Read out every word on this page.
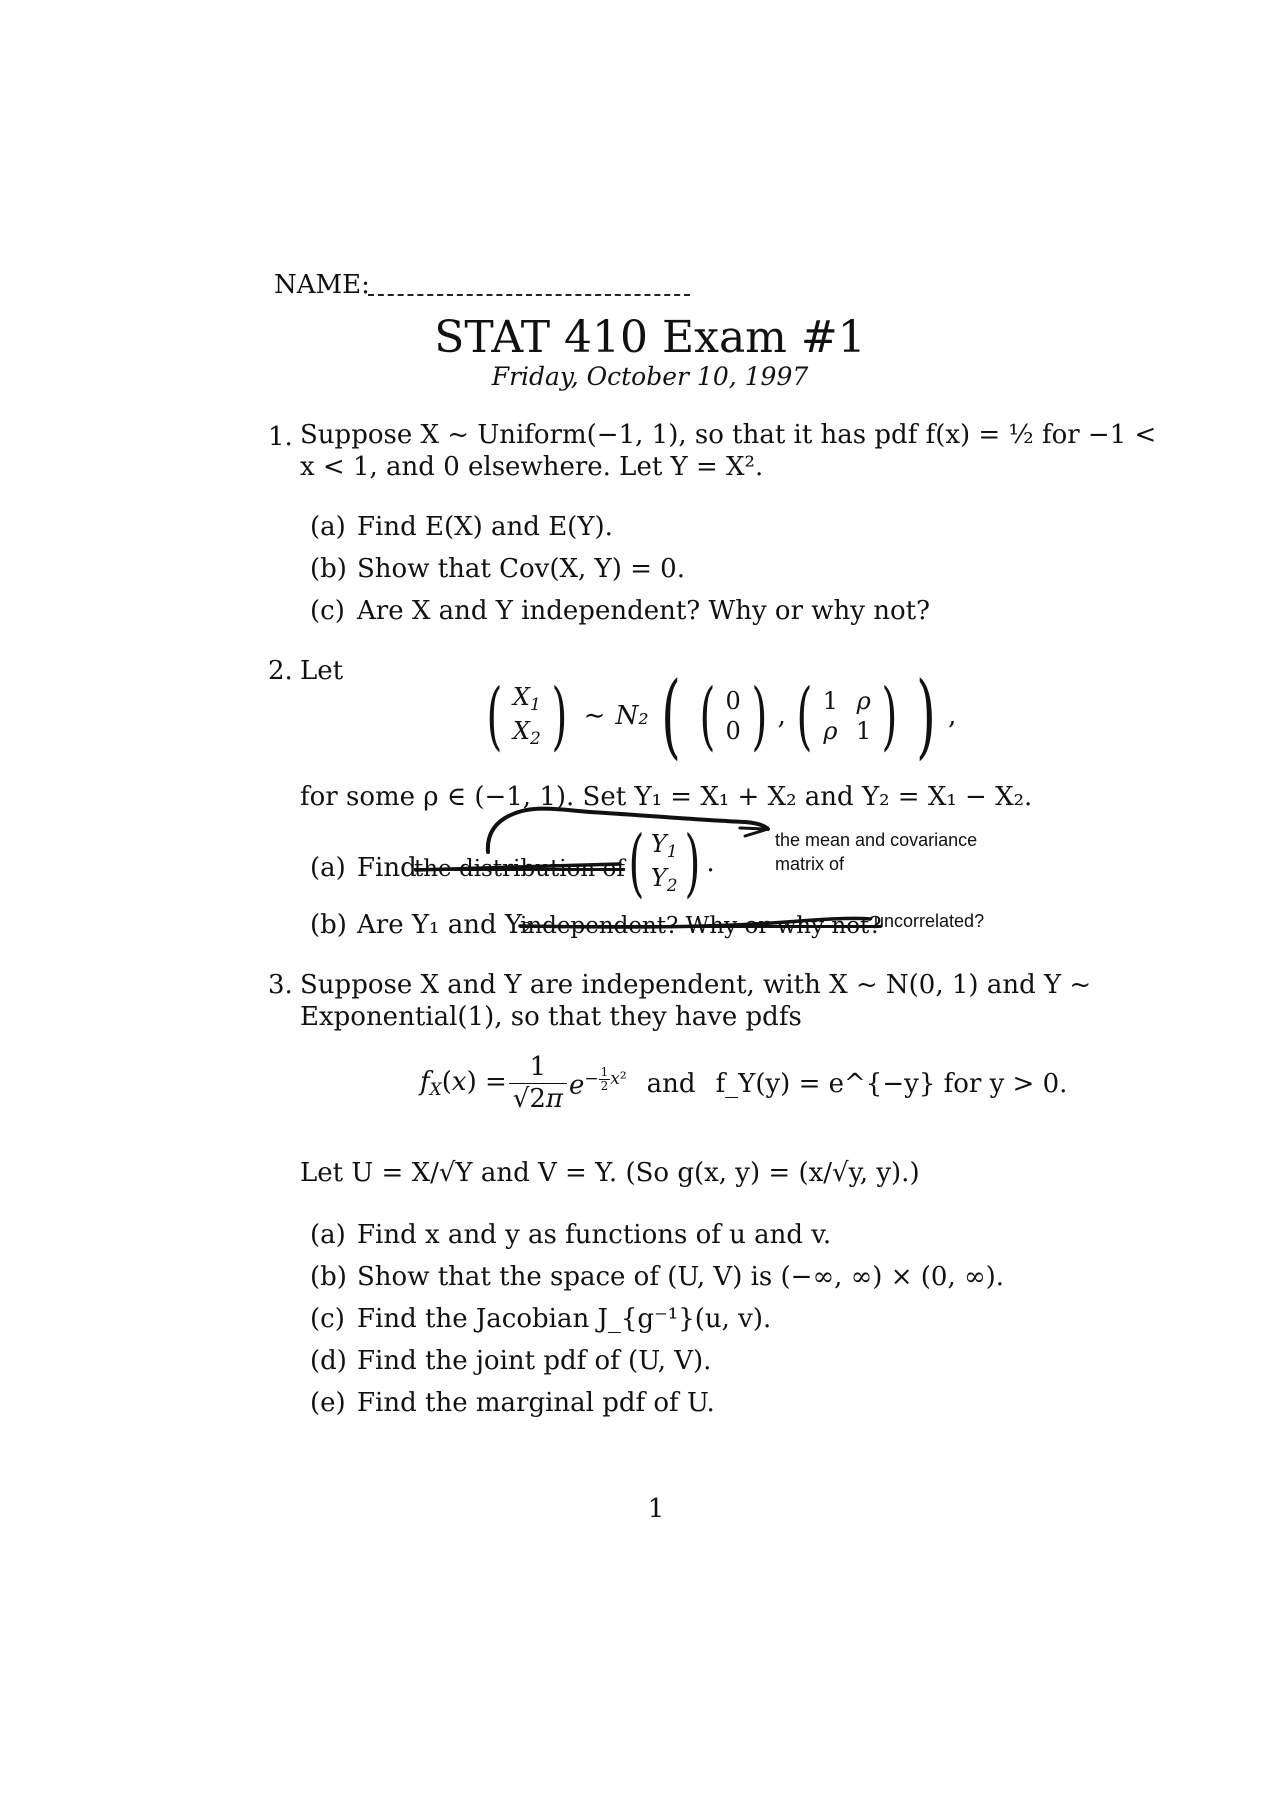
NAME:
STAT 410 Exam #1
Friday, October 10, 1997
1. Suppose X ~ Uniform(−1, 1), so that it has pdf f(x) = ½ for −1 <
x < 1, and 0 elsewhere. Let Y = X².
(a) Find E(X) and E(Y).
(b) Show that Cov(X, Y) = 0.
(c) Are X and Y independent? Why or why not?
2. Let
( $X_1$
$X_2$ ) ∼ N₂ ( ( 0
0 ) , ( 1 ρ
ρ 1 ) ) ,
for some ρ ∈ (−1, 1). Set Y₁ = X₁ + X₂ and Y₂ = X₁ − X₂.
(a) Find
the distribution of ( $Y_1$
$Y_2$ ) .
the mean and covariance matrix of
(b) Are Y₁ and Y₂
independent? Why or why not?
uncorrelated?
3. Suppose X and Y are independent, with X ~ N(0, 1) and Y ~
Exponential(1), so that they have pdfs
$f_X(x) = \frac{1}{√2\pi} e^{- \frac{1}{2} x^2}$ and f_Y(y) = e^{−y} for y > 0.
Let U = X/√Y and V = Y. (So g(x, y) = (x/√y, y).)
(a) Find x and y as functions of u and v.
(b) Show that the space of (U, V) is (−∞, ∞) × (0, ∞).
(c) Find the Jacobian J_{g⁻¹}(u, v).
(d) Find the joint pdf of (U, V).
(e) Find the marginal pdf of U.
1
